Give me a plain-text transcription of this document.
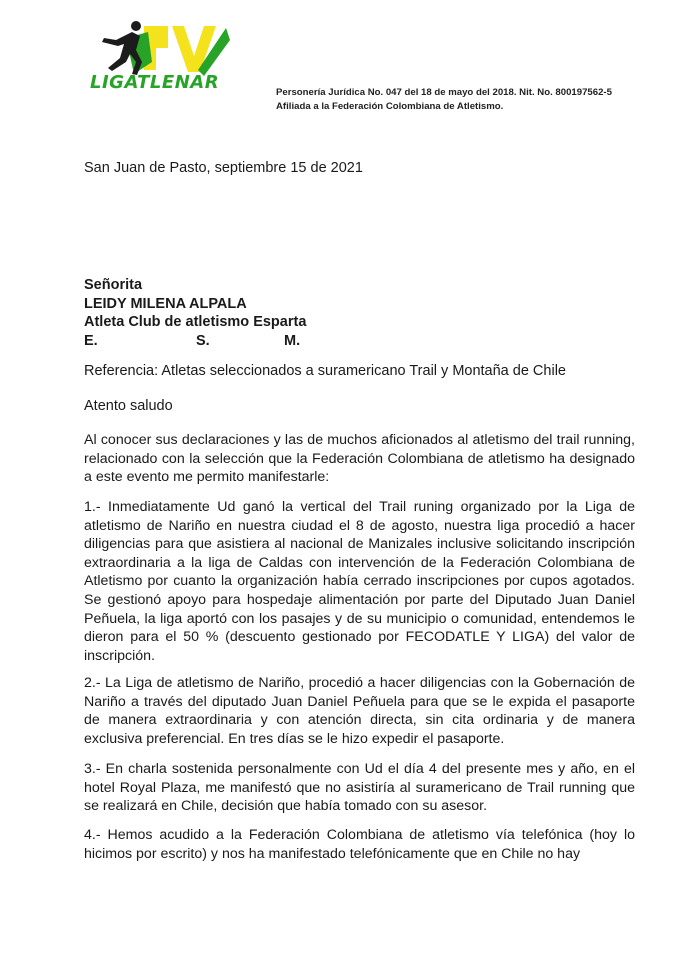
LIGATLENAR	Personería Jurídica No. 047 del 18 de mayo del 2018. Nit. No. 800197562-5
Afiliada a la Federación Colombiana de Atletismo.
San Juan de Pasto, septiembre 15 de 2021
Señorita
LEIDY MILENA ALPALA
Atleta Club de atletismo Esparta
E.	S.	M.
Referencia: Atletas seleccionados a suramericano Trail y Montaña de Chile
Atento saludo
Al conocer sus declaraciones y las de muchos aficionados al atletismo del trail running, relacionado con la selección que la Federación Colombiana de atletismo ha designado a este evento me permito manifestarle:
1.- Inmediatamente Ud ganó la vertical del Trail runing organizado por la Liga de atletismo de Nariño en nuestra ciudad el 8 de agosto, nuestra liga procedió a hacer diligencias para que asistiera al nacional de Manizales inclusive solicitando inscripción extraordinaria a la liga de Caldas con intervención de la Federación Colombiana de Atletismo por cuanto la organización había cerrado inscripciones por cupos agotados. Se gestionó apoyo para hospedaje alimentación por parte del Diputado Juan Daniel Peñuela, la liga aportó con los pasajes y de su municipio o comunidad, entendemos le dieron para el 50 % (descuento gestionado por FECODATLE Y LIGA) del valor de inscripción.
2.- La Liga de atletismo de Nariño, procedió a hacer diligencias con la Gobernación de Nariño a través del diputado Juan Daniel Peñuela para que se le expida el pasaporte de manera extraordinaria y con atención directa, sin cita ordinaria y de manera exclusiva preferencial. En tres días se le hizo expedir el pasaporte.
3.- En charla sostenida personalmente con Ud el día 4 del presente mes y año, en el hotel Royal Plaza, me manifestó que no asistiría al suramericano de Trail running que se realizará en Chile, decisión que había tomado con su asesor.
4.- Hemos acudido a la Federación Colombiana de atletismo vía telefónica (hoy lo hicimos por escrito) y nos ha manifestado telefónicamente que en Chile no hay
